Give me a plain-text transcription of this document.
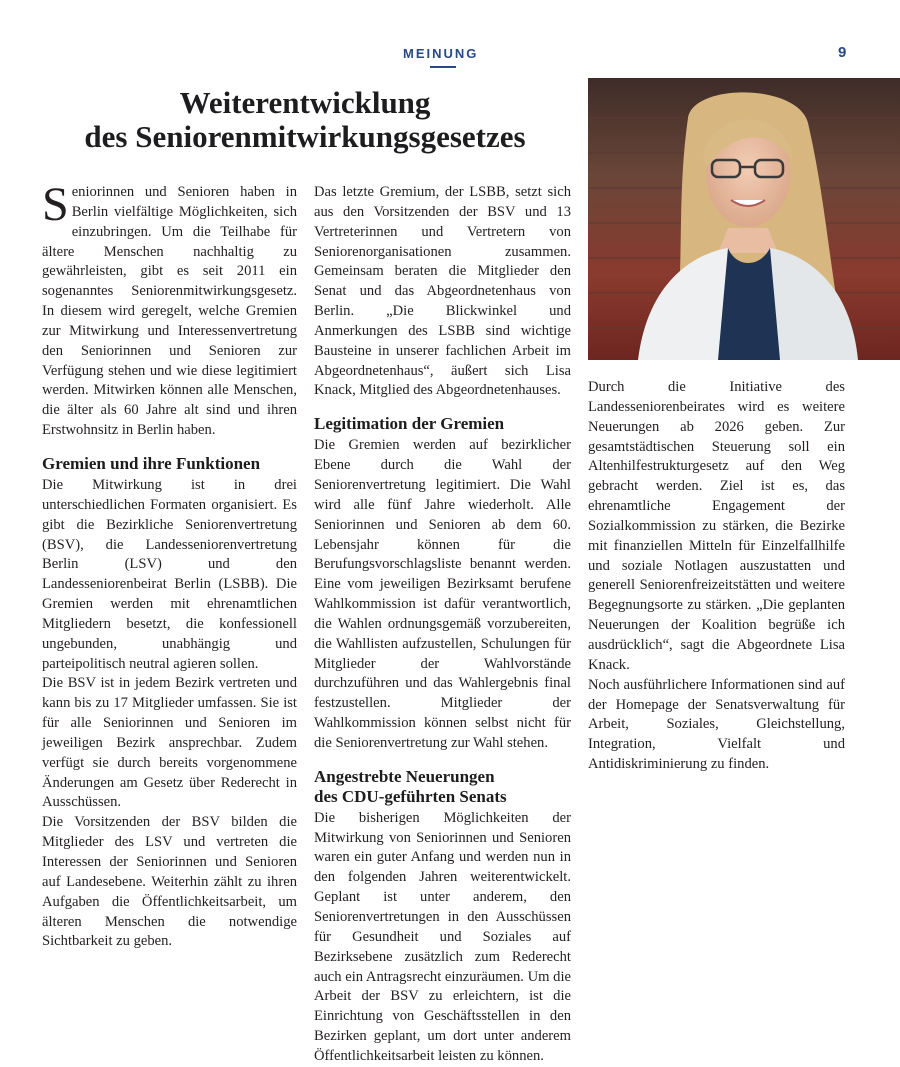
MEINUNG	9
Weiterentwicklung
des Seniorenmitwirkungsgesetzes

Seniorinnen und Senioren haben in Berlin vielfältige Möglichkeiten, sich einzubringen. Um die Teilhabe für ältere Menschen nachhaltig zu gewährleisten, gibt es seit 2011 ein sogenanntes Seniorenmitwirkungsgesetz. In diesem wird geregelt, welche Gremien zur Mitwirkung und Interessenvertretung den Seniorinnen und Senioren zur Verfügung stehen und wie diese legitimiert werden. Mitwirken können alle Menschen, die älter als 60 Jahre alt sind und ihren Erstwohnsitz in Berlin haben.

Gremien und ihre Funktionen

Die Mitwirkung ist in drei unterschiedlichen Formaten organisiert. Es gibt die Bezirkliche Seniorenvertretung (BSV), die Landesseniorenvertretung Berlin (LSV) und den Landesseniorenbeirat Berlin (LSBB). Die Gremien werden mit ehrenamtlichen Mitgliedern besetzt, die konfessionell ungebunden, unabhängig und parteipolitisch neutral agieren sollen.

Die BSV ist in jedem Bezirk vertreten und kann bis zu 17 Mitglieder umfassen. Sie ist für alle Seniorinnen und Senioren im jeweiligen Bezirk ansprechbar. Zudem verfügt sie durch bereits vorgenommene Änderungen am Gesetz über Rederecht in Ausschüssen.

Die Vorsitzenden der BSV bilden die Mitglieder des LSV und vertreten die Interessen der Seniorinnen und Senioren auf Landesebene. Weiterhin zählt zu ihren Aufgaben die Öffentlichkeitsarbeit, um älteren Menschen die notwendige Sichtbarkeit zu geben.

Das letzte Gremium, der LSBB, setzt sich aus den Vorsitzenden der BSV und 13 Vertreterinnen und Vertretern von Seniorenorganisationen zusammen. Gemeinsam beraten die Mitglieder den Senat und das Abgeordnetenhaus von Berlin. „Die Blickwinkel und Anmerkungen des LSBB sind wichtige Bausteine in unserer fachlichen Arbeit im Abgeordnetenhaus“, äußert sich Lisa Knack, Mitglied des Abgeordnetenhauses.

Legitimation der Gremien

Die Gremien werden auf bezirklicher Ebene durch die Wahl der Seniorenvertretung legitimiert. Die Wahl wird alle fünf Jahre wiederholt. Alle Seniorinnen und Senioren ab dem 60. Lebensjahr können für die Berufungsvorschlagsliste benannt werden. Eine vom jeweiligen Bezirksamt berufene Wahlkommission ist dafür verantwortlich, die Wahlen ordnungsgemäß vorzubereiten, die Wahllisten aufzustellen, Schulungen für Mitglieder der Wahlvorstände durchzuführen und das Wahlergebnis final festzustellen. Mitglieder der Wahlkommission können selbst nicht für die Seniorenvertretung zur Wahl stehen.

Angestrebte Neuerungen
des CDU-geführten Senats

Die bisherigen Möglichkeiten der Mitwirkung von Seniorinnen und Senioren waren ein guter Anfang und werden nun in den folgenden Jahren weiterentwickelt. Geplant ist unter anderem, den Seniorenvertretungen in den Ausschüssen für Gesundheit und Soziales auf Bezirksebene zusätzlich zum Rederecht auch ein Antragsrecht einzuräumen. Um die Arbeit der BSV zu erleichtern, ist die Einrichtung von Geschäftsstellen in den Bezirken geplant, um dort unter anderem Öffentlichkeitsarbeit leisten zu können.

Durch die Initiative des Landesseniorenbeirates wird es weitere Neuerungen ab 2026 geben. Zur gesamtstädtischen Steuerung soll ein Altenhilfestrukturgesetz auf den Weg gebracht werden. Ziel ist es, das ehrenamtliche Engagement der Sozialkommission zu stärken, die Bezirke mit finanziellen Mitteln für Einzelfallhilfe und soziale Notlagen auszustatten und generell Seniorenfreizeitstätten und weitere Begegnungsorte zu stärken. „Die geplanten Neuerungen der Koalition begrüße ich ausdrücklich“, sagt die Abgeordnete Lisa Knack.

Noch ausführlichere Informationen sind auf der Homepage der Senatsverwaltung für Arbeit, Soziales, Gleichstellung, Integration, Vielfalt und Antidiskriminierung zu finden.
